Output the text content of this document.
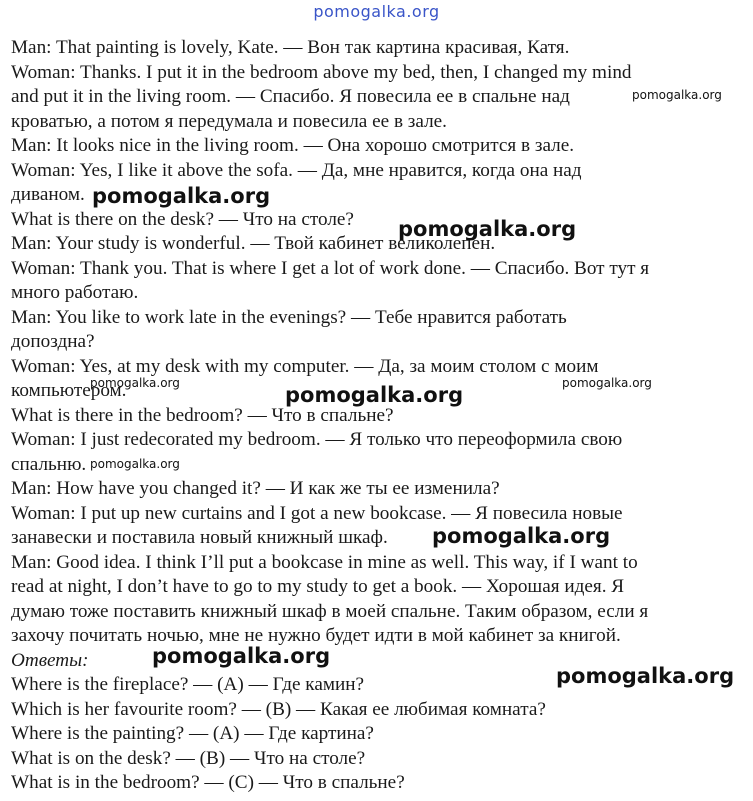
pomogalka.org
Man: That painting is lovely, Kate. — Вон так картина красивая, Катя.
Woman: Thanks. I put it in the bedroom above my bed, then, I changed my mind
and put it in the living room. — Спасибо. Я повесила ее в спальне над
кроватью, а потом я передумала и повесила ее в зале.
Man: It looks nice in the living room. — Она хорошо смотрится в зале.
Woman: Yes, I like it above the sofa. — Да, мне нравится, когда она над
диваном.
What is there on the desk? — Что на столе?
Man: Your study is wonderful. — Твой кабинет великолепен.
Woman: Thank you. That is where I get a lot of work done. — Спасибо. Вот тут я
много работаю.
Man: You like to work late in the evenings? — Тебе нравится работать
допоздна?
Woman: Yes, at my desk with my computer. — Да, за моим столом с моим
компьютером.
What is there in the bedroom? — Что в спальне?
Woman: I just redecorated my bedroom. — Я только что переоформила свою
спальню.
Man: How have you changed it? — И как же ты ее изменила?
Woman: I put up new curtains and I got a new bookcase. — Я повесила новые
занавески и поставила новый книжный шкаф.
Man: Good idea. I think I’ll put a bookcase in mine as well. This way, if I want to
read at night, I don’t have to go to my study to get a book. — Хорошая идея. Я
думаю тоже поставить книжный шкаф в моей спальне. Таким образом, если я
захочу почитать ночью, мне не нужно будет идти в мой кабинет за книгой.
Ответы:
Where is the fireplace? — (A) — Где камин?
Which is her favourite room? — (B) — Какая ее любимая комната?
Where is the painting? — (A) — Где картина?
What is on the desk? — (B) — Что на столе?
What is in the bedroom? — (C) — Что в спальне?
pomogalka.org
pomogalka.org
pomogalka.org
pomogalka.org	pomogalka.org
pomogalka.org
pomogalka.org
pomogalka.org
pomogalka.org
pomogalka.org
